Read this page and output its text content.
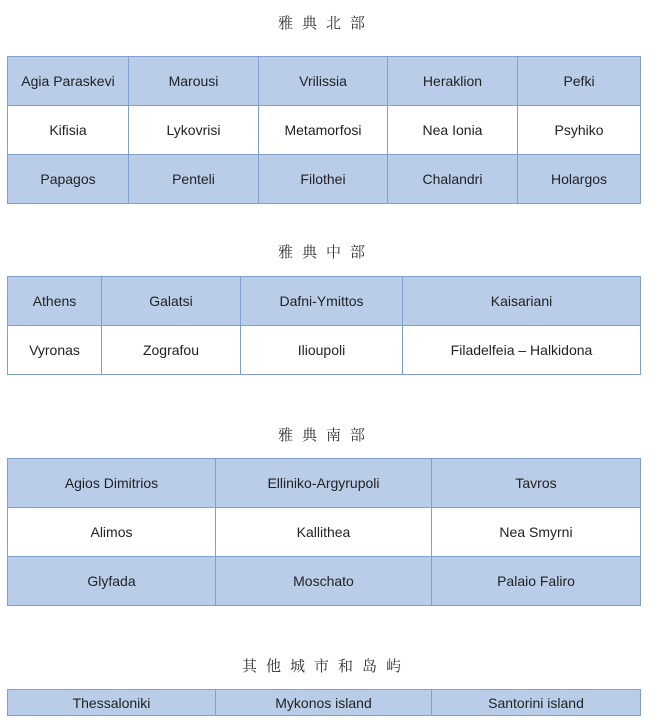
雅典北部
Agia Paraskevi	Marousi	Vrilissia	Heraklion	Pefki
Kifisia	Lykovrisi	Metamorfosi	Nea Ionia	Psyhiko
Papagos	Penteli	Filothei	Chalandri	Holargos
雅典中部
Athens	Galatsi	Dafni-Ymittos	Kaisariani
Vyronas	Zografou	Ilioupoli	Filadelfeia – Halkidona
雅典南部
Agios Dimitrios	Elliniko-Argyrupoli	Tavros
Alimos	Kallithea	Nea Smyrni
Glyfada	Moschato	Palaio Faliro
其他城市和岛屿
Thessaloniki	Mykonos island	Santorini island
